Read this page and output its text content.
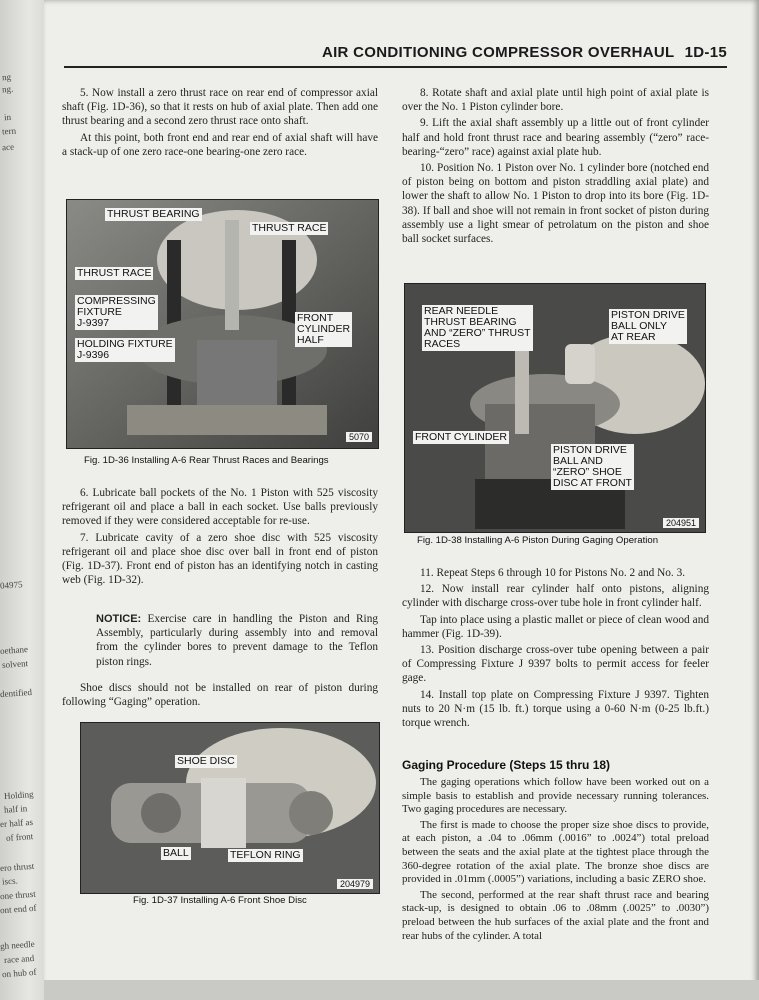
ng
ng.
in
tern
ace
04975
oethane
solvent
dentified
Holding
half in
er half as
of front
ero thrust
iscs.
one thrust
ont end of
gh needle
race and
on hub of
AIR CONDITIONING COMPRESSOR OVERHAUL 1D-15

5. Now install a zero thrust race on rear end of compressor axial shaft (Fig. 1D-36), so that it rests on hub of axial plate. Then add one thrust bearing and a second zero thrust race onto shaft.

At this point, both front end and rear end of axial shaft will have a stack-up of one zero race-one bearing-one zero race.

THRUST BEARING
THRUST RACE
THRUST RACE
COMPRESSING
FIXTURE
J-9397	FRONT
CYLINDER
HALF
HOLDING FIXTURE
J-9396
5070
Fig. 1D-36 Installing A-6 Rear Thrust Races and Bearings

6. Lubricate ball pockets of the No. 1 Piston with 525 viscosity refrigerant oil and place a ball in each socket. Use balls previously removed if they were considered acceptable for re-use.

7. Lubricate cavity of a zero shoe disc with 525 viscosity refrigerant oil and place shoe disc over ball in front end of piston (Fig. 1D-37). Front end of piston has an identifying notch in casting web (Fig. 1D-32).

NOTICE: Exercise care in handling the Piston and Ring Assembly, particularly during assembly into and removal from the cylinder bores to prevent damage to the Teflon piston rings.

Shoe discs should not be installed on rear of piston during following “Gaging” operation.

SHOE DISC
BALL	TEFLON RING
204979
Fig. 1D-37 Installing A-6 Front Shoe Disc

8. Rotate shaft and axial plate until high point of axial plate is over the No. 1 Piston cylinder bore.

9. Lift the axial shaft assembly up a little out of front cylinder half and hold front thrust race and bearing assembly (“zero” race-bearing-“zero” race) against axial plate hub.

10. Position No. 1 Piston over No. 1 cylinder bore (notched end of piston being on bottom and piston straddling axial plate) and lower the shaft to allow No. 1 Piston to drop into its bore (Fig. 1D-38). If ball and shoe will not remain in front socket of piston during assembly use a light smear of petrolatum on the piston and shoe ball socket surfaces.

REAR NEEDLE
THRUST BEARING
AND “ZERO” THRUST
RACES
PISTON DRIVE
BALL ONLY
AT REAR
FRONT CYLINDER
PISTON DRIVE
BALL AND
“ZERO” SHOE
DISC AT FRONT
204951
Fig. 1D-38 Installing A-6 Piston During Gaging Operation

11. Repeat Steps 6 through 10 for Pistons No. 2 and No. 3.

12. Now install rear cylinder half onto pistons, aligning cylinder with discharge cross-over tube hole in front cylinder half.

Tap into place using a plastic mallet or piece of clean wood and hammer (Fig. 1D-39).

13. Position discharge cross-over tube opening between a pair of Compressing Fixture J 9397 bolts to permit access for feeler gage.

14. Install top plate on Compressing Fixture J 9397. Tighten nuts to 20 N·m (15 lb. ft.) torque using a 0-60 N·m (0-25 lb.ft.) torque wrench.

Gaging Procedure (Steps 15 thru 18)

The gaging operations which follow have been worked out on a simple basis to establish and provide necessary running tolerances. Two gaging procedures are necessary.

The first is made to choose the proper size shoe discs to provide, at each piston, a .04 to .06mm (.0016” to .0024”) total preload between the seats and the axial plate at the tightest place through the 360-degree rotation of the axial plate. The bronze shoe discs are provided in .01mm (.0005”) variations, including a basic ZERO shoe.

The second, performed at the rear shaft thrust race and bearing stack-up, is designed to obtain .06 to .08mm (.0025” to .0030”) preload between the hub surfaces of the axial plate and the front and rear hubs of the cylinder. A total
